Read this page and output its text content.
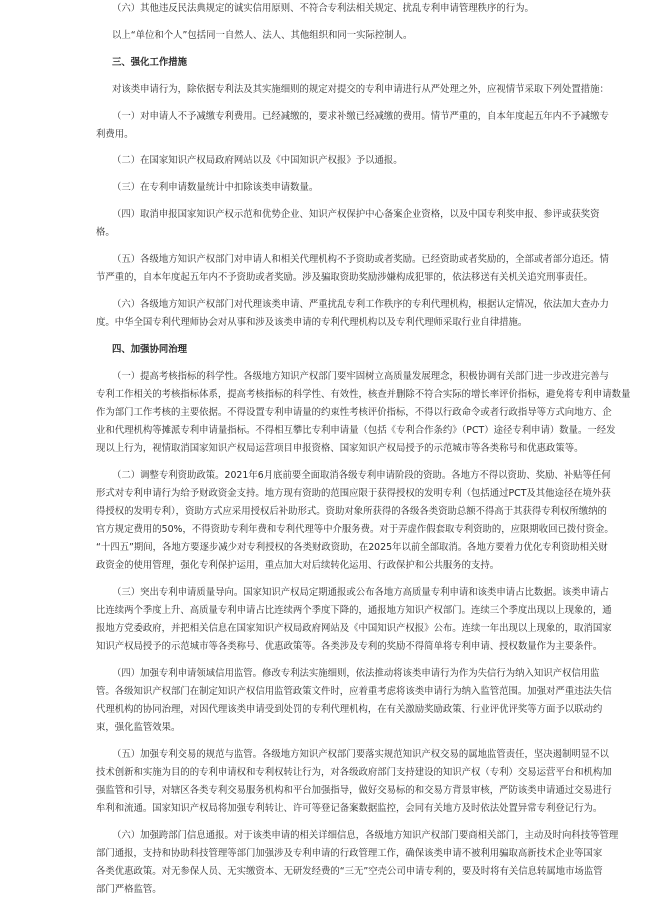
（六）其他违反民法典规定的诚实信用原则、不符合专利法相关规定、扰乱专利申请管理秩序的行为。

以上“单位和个人”包括同一自然人、法人、其他组织和同一实际控制人。

三、强化工作措施

对该类申请行为，除依据专利法及其实施细则的规定对提交的专利申请进行从严处理之外，应视情节采取下列处置措施：

（一）对申请人不予减缴专利费用。已经减缴的，要求补缴已经减缴的费用。情节严重的，自本年度起五年内不予减缴专

利费用。

（二）在国家知识产权局政府网站以及《中国知识产权报》予以通报。

（三）在专利申请数量统计中扣除该类申请数量。

（四）取消申报国家知识产权示范和优势企业、知识产权保护中心备案企业资格，以及中国专利奖申报、参评或获奖资

格。

（五）各级地方知识产权部门对申请人和相关代理机构不予资助或者奖励。已经资助或者奖励的，全部或者部分追还。情

节严重的，自本年度起五年内不予资助或者奖励。涉及骗取资助奖励涉嫌构成犯罪的，依法移送有关机关追究刑事责任。

（六）各级地方知识产权部门对代理该类申请、严重扰乱专利工作秩序的专利代理机构，根据认定情况，依法加大查办力

度。中华全国专利代理师协会对从事和涉及该类申请的专利代理机构以及专利代理师采取行业自律措施。

四、加强协同治理

（一）提高考核指标的科学性。各级地方知识产权部门要牢固树立高质量发展理念，积极协调有关部门进一步改进完善与

专利工作相关的考核指标体系，提高考核指标的科学性、有效性，核查并删除不符合实际的增长率评价指标，避免将专利申请数量

作为部门工作考核的主要依据。不得设置专利申请量的约束性考核评价指标，不得以行政命令或者行政指导等方式向地方、企

业和代理机构等摊派专利申请量指标。不得相互攀比专利申请量（包括《专利合作条约》（PCT）途径专利申请）数量。一经发

现以上行为，视情取消国家知识产权局运营项目申报资格、国家知识产权局授予的示范城市等各类称号和优惠政策等。

（二）调整专利资助政策。2021年6月底前要全面取消各级专利申请阶段的资助。各地方不得以资助、奖励、补贴等任何

形式对专利申请行为给予财政资金支持。地方现有资助的范围应限于获得授权的发明专利（包括通过PCT及其他途径在境外获

得授权的发明专利），资助方式应采用授权后补助形式。资助对象所获得的各级各类资助总额不得高于其获得专利权所缴纳的

官方规定费用的50%，不得资助专利年费和专利代理等中介服务费。对于弄虚作假套取专利资助的，应限期收回已拨付资金。

“十四五”期间，各地方要逐步减少对专利授权的各类财政资助，在2025年以前全部取消。各地方要着力优化专利资助相关财

政资金的使用管理，强化专利保护运用，重点加大对后续转化运用、行政保护和公共服务的支持。

（三）突出专利申请质量导向。国家知识产权局定期通报或公布各地方高质量专利申请和该类申请占比数据。该类申请占

比连续两个季度上升、高质量专利申请占比连续两个季度下降的，通报地方知识产权部门。连续三个季度出现以上现象的，通

报地方党委政府，并把相关信息在国家知识产权局政府网站及《中国知识产权报》公布。连续一年出现以上现象的，取消国家

知识产权局授予的示范城市等各类称号、优惠政策等。各类涉及专利的奖励不得简单将专利申请、授权数量作为主要条件。

（四）加强专利申请领域信用监管。修改专利法实施细则，依法推动将该类申请行为作为失信行为纳入知识产权信用监

管。各级知识产权部门在制定知识产权信用监管政策文件时，应着重考虑将该类申请行为纳入监管范围。加强对严重违法失信

代理机构的协同治理，对因代理该类申请受到处罚的专利代理机构，在有关激励奖励政策、行业评优评奖等方面予以联动约

束，强化监管效果。

（五）加强专利交易的规范与监管。各级地方知识产权部门要落实规范知识产权交易的属地监管责任，坚决遏制明显不以

技术创新和实施为目的的专利申请权和专利权转让行为，对各级政府部门支持建设的知识产权（专利）交易运营平台和机构加

强监管和引导，对辖区各类专利交易服务机构和平台加强指导，做好交易标的和交易方背景审核，严防该类申请通过交易进行

牟利和流通。国家知识产权局将加强专利转让、许可等登记备案数据监控，会同有关地方及时依法处置异常专利登记行为。

（六）加强跨部门信息通报。对于该类申请的相关详细信息，各级地方知识产权部门要商相关部门，主动及时向科技等管理

部门通报，支持和协助科技管理等部门加强涉及专利申请的行政管理工作，确保该类申请不被利用骗取高新技术企业等国家

各类优惠政策。对无参保人员、无实缴资本、无研发经费的“三无”空壳公司申请专利的，要及时将有关信息转属地市场监管

部门严格监管。
